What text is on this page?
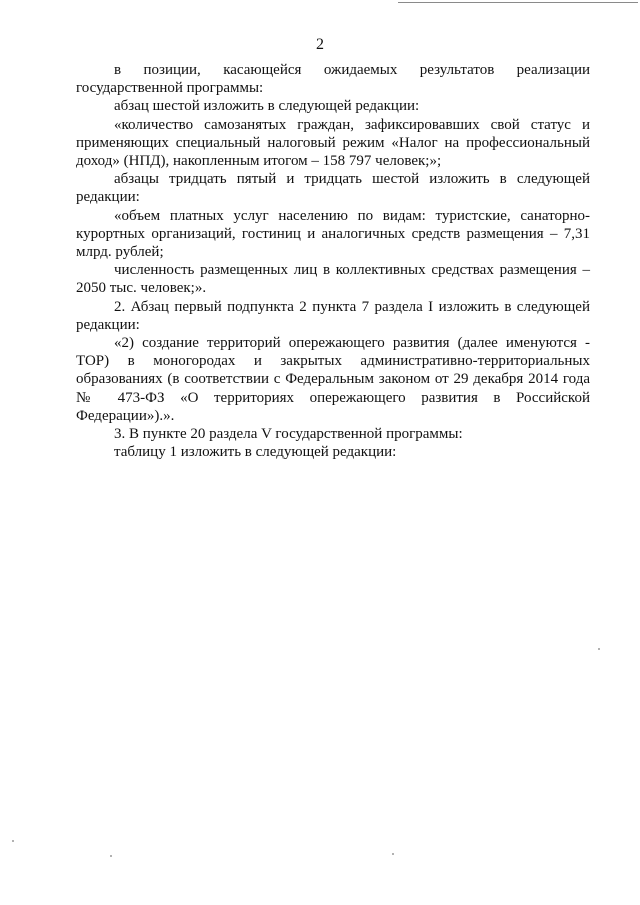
2

в позиции, касающейся ожидаемых результатов реализации государственной программы:

абзац шестой изложить в следующей редакции:

«количество самозанятых граждан, зафиксировавших свой статус и применяющих специальный налоговый режим «Налог на профессиональный доход» (НПД), накопленным итогом – 158 797 человек;»;

абзацы тридцать пятый и тридцать шестой изложить в следующей редакции:

«объем платных услуг населению по видам: туристские, санаторно-курортных организаций, гостиниц и аналогичных средств размещения – 7,31 млрд. рублей;

численность размещенных лиц в коллективных средствах размещения – 2050 тыс. человек;».

2. Абзац первый подпункта 2 пункта 7 раздела I изложить в следующей редакции:

«2) создание территорий опережающего развития (далее именуются - ТОР) в моногородах и закрытых административно-территориальных образованиях (в соответствии с Федеральным законом от 29 декабря 2014 года № 473-ФЗ «О территориях опережающего развития в Российской Федерации»).».

3. В пункте 20 раздела V государственной программы:

таблицу 1 изложить в следующей редакции:
